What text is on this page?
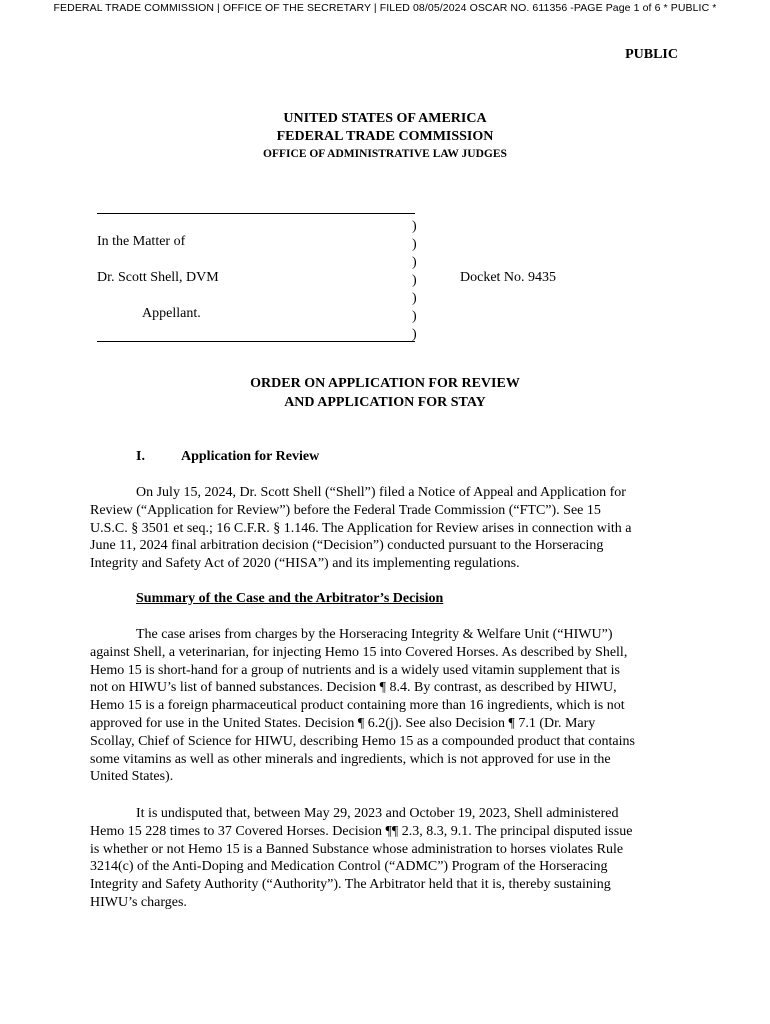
FEDERAL TRADE COMMISSION | OFFICE OF THE SECRETARY | FILED 08/05/2024 OSCAR NO. 611356 -PAGE Page 1 of 6 * PUBLIC *
PUBLIC
UNITED STATES OF AMERICA
FEDERAL TRADE COMMISSION
OFFICE OF ADMINISTRATIVE LAW JUDGES
)
)
)
)
)
)
)
In the Matter of
Dr. Scott Shell, DVM	Docket No. 9435
Appellant.
ORDER ON APPLICATION FOR REVIEW
AND APPLICATION FOR STAY
I.	Application for Review
On July 15, 2024, Dr. Scott Shell (“Shell”) filed a Notice of Appeal and Application for
Review (“Application for Review”) before the Federal Trade Commission (“FTC”). See 15
U.S.C. § 3501 et seq.; 16 C.F.R. § 1.146. The Application for Review arises in connection with a
June 11, 2024 final arbitration decision (“Decision”) conducted pursuant to the Horseracing
Integrity and Safety Act of 2020 (“HISA”) and its implementing regulations.
Summary of the Case and the Arbitrator’s Decision
The case arises from charges by the Horseracing Integrity & Welfare Unit (“HIWU”)
against Shell, a veterinarian, for injecting Hemo 15 into Covered Horses. As described by Shell,
Hemo 15 is short-hand for a group of nutrients and is a widely used vitamin supplement that is
not on HIWU’s list of banned substances. Decision ¶ 8.4. By contrast, as described by HIWU,
Hemo 15 is a foreign pharmaceutical product containing more than 16 ingredients, which is not
approved for use in the United States. Decision ¶ 6.2(j). See also Decision ¶ 7.1 (Dr. Mary
Scollay, Chief of Science for HIWU, describing Hemo 15 as a compounded product that contains
some vitamins as well as other minerals and ingredients, which is not approved for use in the
United States).
It is undisputed that, between May 29, 2023 and October 19, 2023, Shell administered
Hemo 15 228 times to 37 Covered Horses. Decision ¶¶ 2.3, 8.3, 9.1. The principal disputed issue
is whether or not Hemo 15 is a Banned Substance whose administration to horses violates Rule
3214(c) of the Anti-Doping and Medication Control (“ADMC”) Program of the Horseracing
Integrity and Safety Authority (“Authority”). The Arbitrator held that it is, thereby sustaining
HIWU’s charges.
